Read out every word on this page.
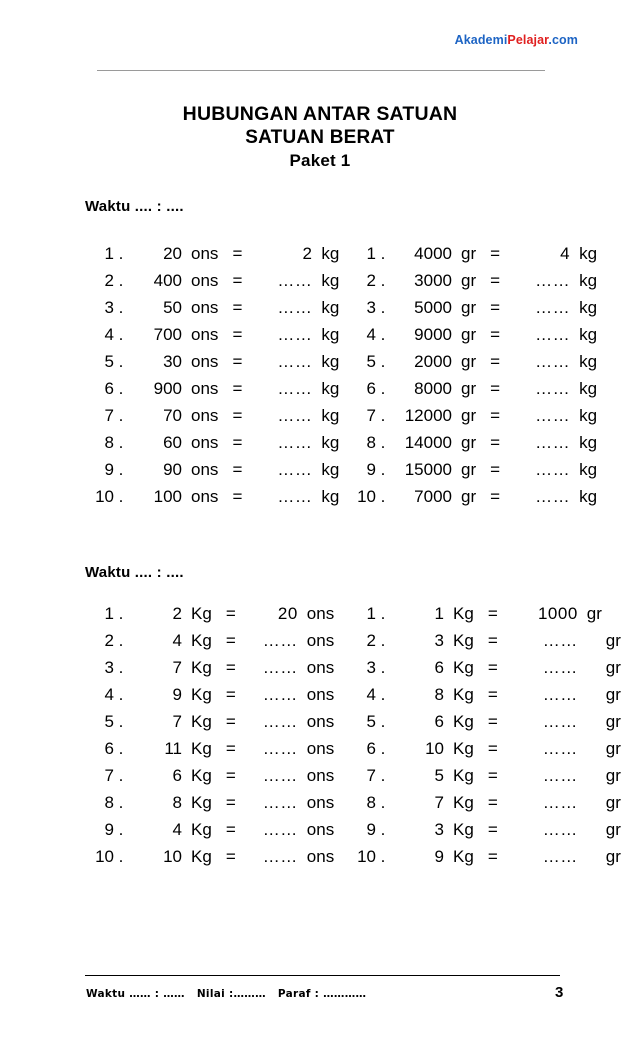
AkademiPelajar.com
HUBUNGAN ANTAR SATUAN
SATUAN BERAT
Paket 1
Waktu .... : ....
1 .	20 ons =	2 kg
2 .	400 ons =	…… kg
3 .	50 ons =	…… kg
4 .	700 ons =	…… kg
5 .	30 ons =	…… kg
6 .	900 ons =	…… kg
7 .	70 ons =	…… kg
8 .	60 ons =	…… kg
9 .	90 ons =	…… kg
10 .	100 ons =	…… kg
1 .	4000 gr =	4 kg
2 .	3000 gr =	…… kg
3 .	5000 gr =	…… kg
4 .	9000 gr =	…… kg
5 .	2000 gr =	…… kg
6 .	8000 gr =	…… kg
7 .	12000 gr =	…… kg
8 .	14000 gr =	…… kg
9 .	15000 gr =	…… kg
10 .	7000 gr =	…… kg
Waktu .... : ....
1 .	2 Kg =	20 ons
2 .	4 Kg =	…… ons
3 .	7 Kg =	…… ons
4 .	9 Kg =	…… ons
5 .	7 Kg =	…… ons
6 .	11 Kg =	…… ons
7 .	6 Kg =	…… ons
8 .	8 Kg =	…… ons
9 .	4 Kg =	…… ons
10 .	10 Kg =	…… ons
1 .	1 Kg =	1000 gr
2 .	3 Kg =	……	gr
3 .	6 Kg =	……	gr
4 .	8 Kg =	……	gr
5 .	6 Kg =	……	gr
6 .	10 Kg =	……	gr
7 .	5 Kg =	……	gr
8 .	7 Kg =	……	gr
9 .	3 Kg =	……	gr
10 .	9 Kg =	……	gr
Waktu …… : …… Nilai :……… Paraf : …………	3
